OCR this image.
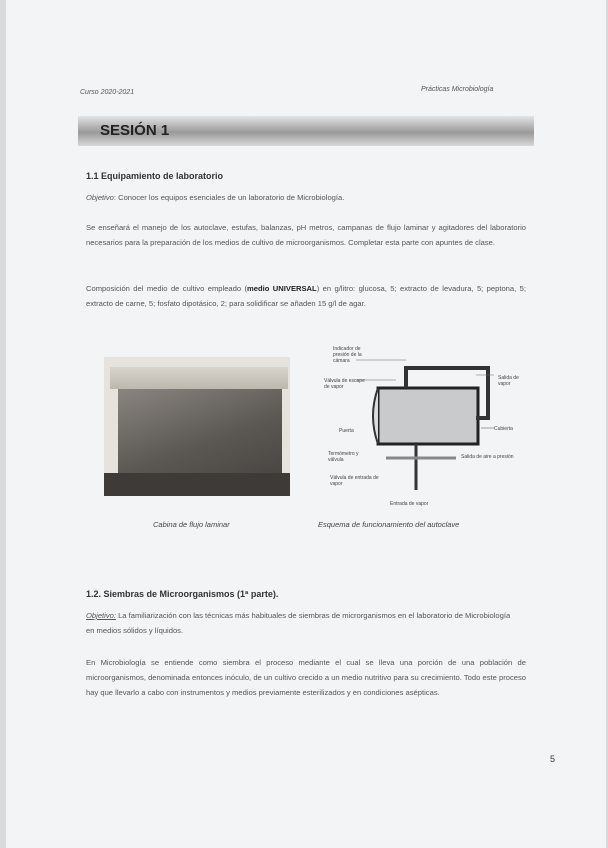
Curso 2020-2021	Prácticas Microbiología
SESIÓN 1
1.1 Equipamiento de laboratorio

Objetivo: Conocer los equipos esenciales de un laboratorio de Microbiología.

Se enseñará el manejo de los autoclave, estufas, balanzas, pH metros, campanas de flujo laminar y agitadores del laboratorio necesarios para la preparación de los medios de cultivo de microorganismos. Completar esta parte con apuntes de clase.

Composición del medio de cultivo empleado (medio UNIVERSAL) en g/litro: glucosa, 5; extracto de levadura, 5; peptona, 5; extracto de carne, 5; fosfato dipotásico, 2; para solidificar se añaden 15 g/l de agar.

Cabina de flujo laminar
Indicador de presión de la cámara
Válvula de escape de vapor
Puerta
Termómetro y válvula
Válvula de entrada de vapor
Entrada de vapor
Salida de vapor
Cubierta
Salida de aire a presión
Esquema de funcionamiento del autoclave
1.2. Siembras de Microorganismos (1ª parte).

Objetivo: La familiarización con las técnicas más habituales de siembras de microrganismos en el laboratorio de Microbiología en medios sólidos y líquidos.

En Microbiología se entiende como siembra el proceso mediante el cual se lleva una porción de una población de microorganismos, denominada entonces inóculo, de un cultivo crecido a un medio nutritivo para su crecimiento. Todo este proceso hay que llevarlo a cabo con instrumentos y medios previamente esterilizados y en condiciones asépticas.

5
